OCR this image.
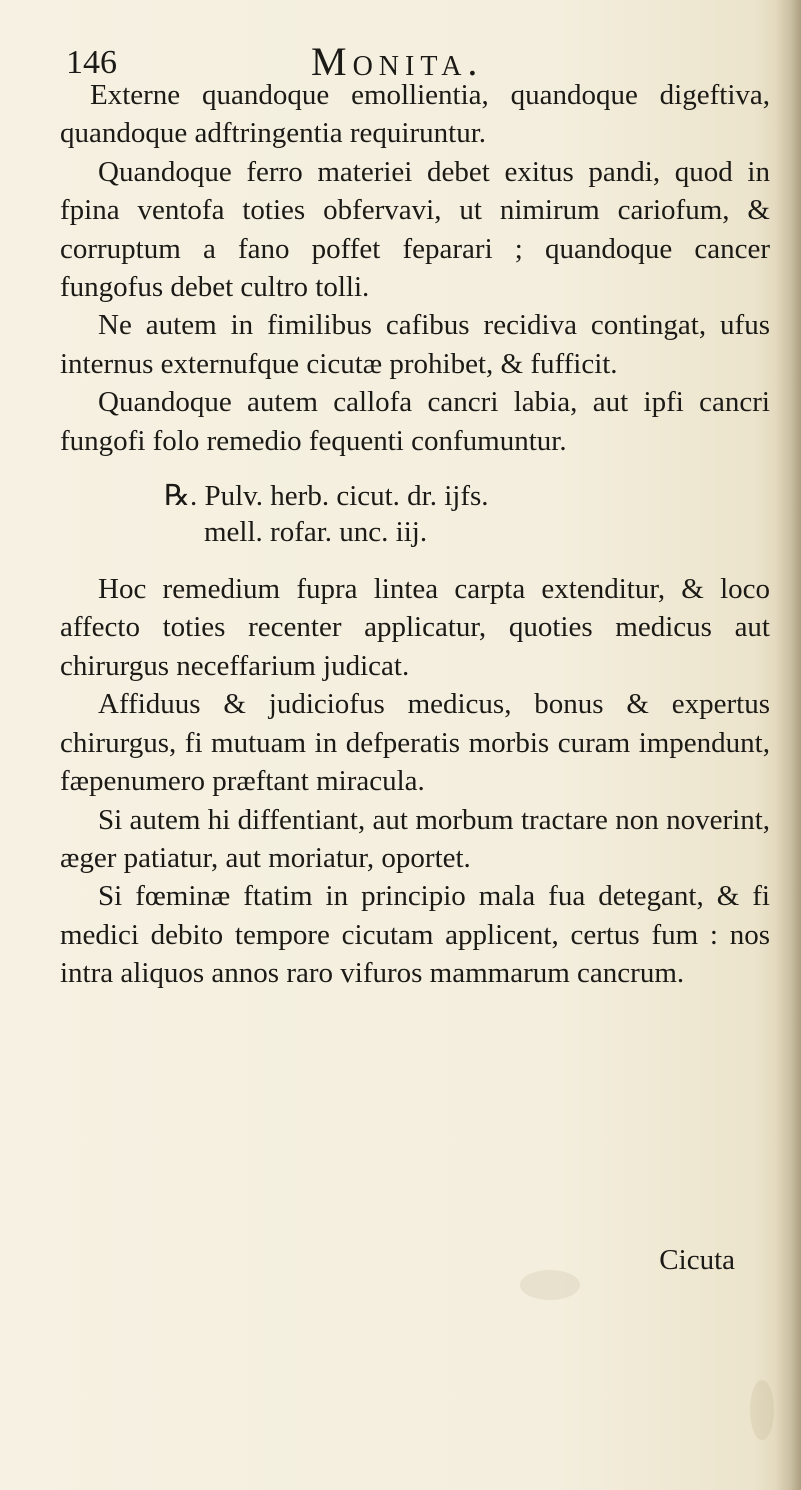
146	Monita.

Externe quandoque emollientia, quandoque digeftiva, quandoque adftringentia requiruntur.

Quandoque ferro materiei debet exitus pandi, quod in fpina ventofa toties obfervavi, ut nimirum cariofum, & corruptum a fano poffet feparari ; quandoque cancer fungofus debet cultro tolli.

Ne autem in fimilibus cafibus recidiva contingat, ufus internus externufque cicutæ prohibet, & fufficit.

Quandoque autem callofa cancri labia, aut ipfi cancri fungofi folo remedio fequenti confumuntur.

℞. Pulv. herb. cicut. dr. ijfs.
mell. rofar. unc. iij.

Hoc remedium fupra lintea carpta extenditur, & loco affecto toties recenter applicatur, quoties medicus aut chirurgus neceffarium judicat.

Affiduus & judiciofus medicus, bonus & expertus chirurgus, fi mutuam in defperatis morbis curam impendunt, fæpenumero præftant miracula.

Si autem hi diffentiant, aut morbum tractare non noverint, æger patiatur, aut moriatur, oportet.

Si fœminæ ftatim in principio mala fua detegant, & fi medici debito tempore cicutam applicent, certus fum : nos intra aliquos annos raro vifuros mammarum cancrum.

Cicuta
